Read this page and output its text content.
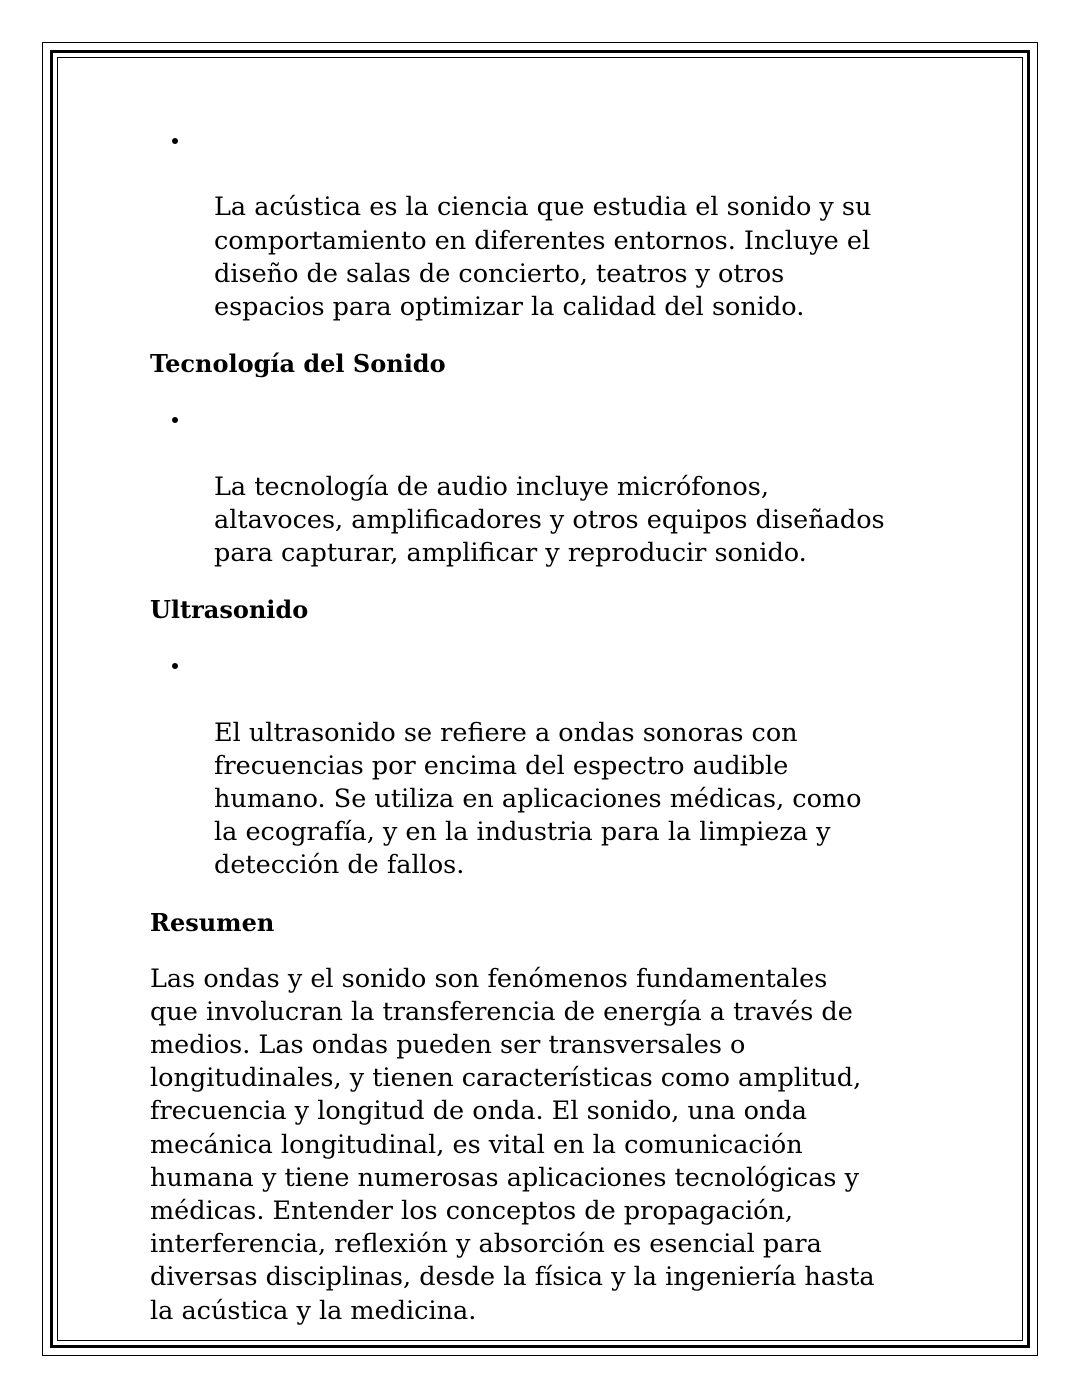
La acústica es la ciencia que estudia el sonido y su
comportamiento en diferentes entornos. Incluye el
diseño de salas de concierto, teatros y otros
espacios para optimizar la calidad del sonido.

Tecnología del Sonido

La tecnología de audio incluye micrófonos,
altavoces, amplificadores y otros equipos diseñados
para capturar, amplificar y reproducir sonido.

Ultrasonido

El ultrasonido se refiere a ondas sonoras con
frecuencias por encima del espectro audible
humano. Se utiliza en aplicaciones médicas, como
la ecografía, y en la industria para la limpieza y
detección de fallos.

Resumen
Las ondas y el sonido son fenómenos fundamentales
que involucran la transferencia de energía a través de
medios. Las ondas pueden ser transversales o
longitudinales, y tienen características como amplitud,
frecuencia y longitud de onda. El sonido, una onda
mecánica longitudinal, es vital en la comunicación
humana y tiene numerosas aplicaciones tecnológicas y
médicas. Entender los conceptos de propagación,
interferencia, reflexión y absorción es esencial para
diversas disciplinas, desde la física y la ingeniería hasta
la acústica y la medicina.
